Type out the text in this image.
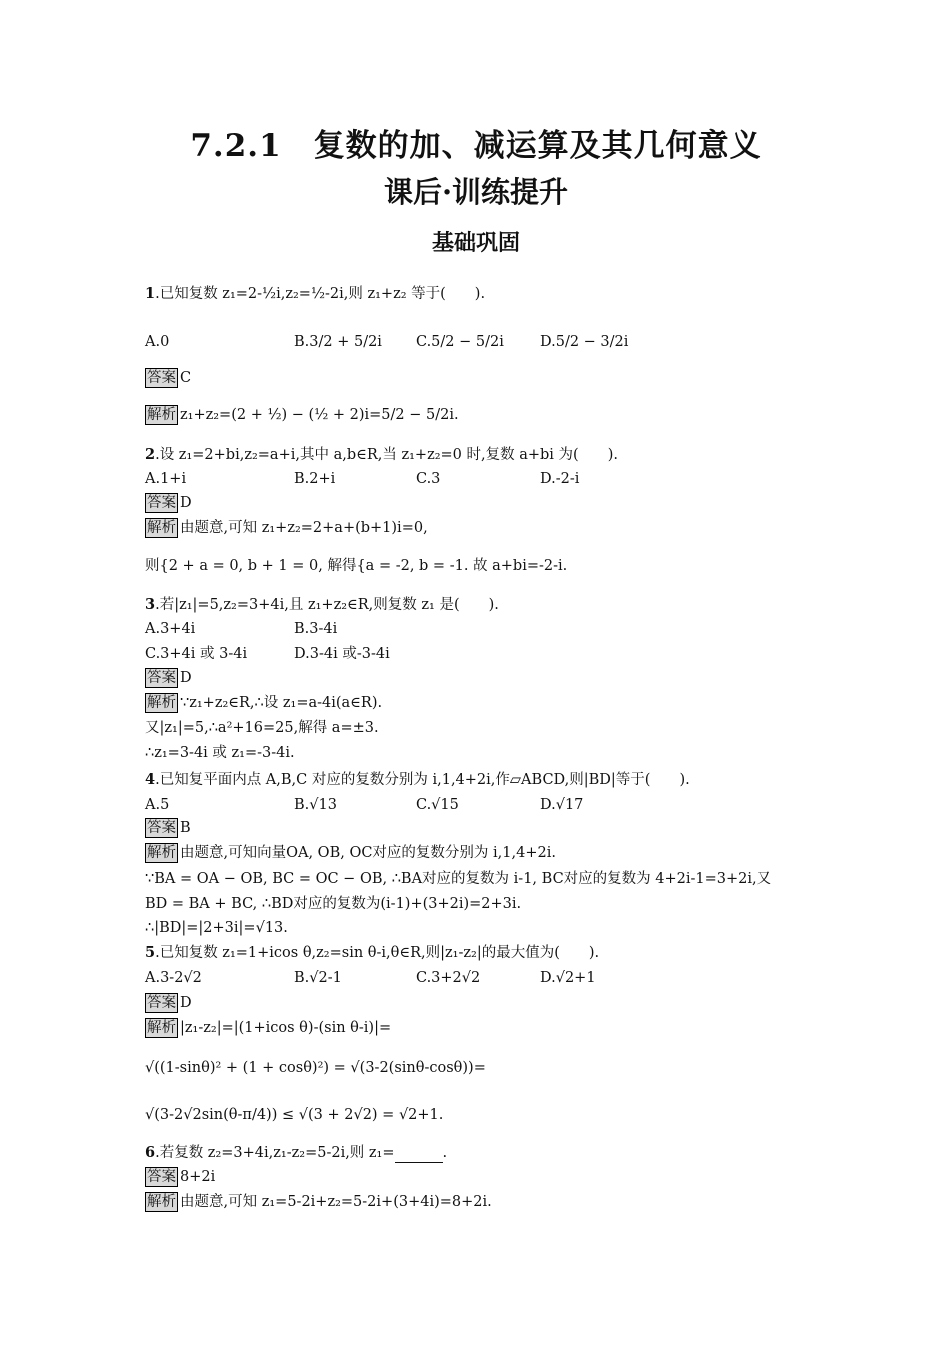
7.2.1　复数的加、减运算及其几何意义
课后·训练提升
基础巩固
1.已知复数 z₁=2-½i,z₂=½-2i,则 z₁+z₂ 等于(　　).
A.0	B.3/2 + 5/2i C.5/2 − 5/2i D.5/2 − 3/2i
答案 C
解析 z₁+z₂=(2 + ½) − (½ + 2)i=5/2 − 5/2i.
2.设 z₁=2+bi,z₂=a+i,其中 a,b∈R,当 z₁+z₂=0 时,复数 a+bi 为(　　).
A.1+i	B.2+i	C.3	D.-2-i
答案 D
解析 由题意,可知 z₁+z₂=2+a+(b+1)i=0,
则{2 + a = 0, b + 1 = 0, 解得{a = -2, b = -1. 故 a+bi=-2-i.
3.若|z₁|=5,z₂=3+4i,且 z₁+z₂∈R,则复数 z₁ 是(　　).
A.3+4i	B.3-4i
C.3+4i 或 3-4i	D.3-4i 或-3-4i
答案 D
解析 ∵z₁+z₂∈R,∴设 z₁=a-4i(a∈R).
又|z₁|=5,∴a²+16=25,解得 a=±3.
∴z₁=3-4i 或 z₁=-3-4i.
4.已知复平面内点 A,B,C 对应的复数分别为 i,1,4+2i,作▱ABCD,则|BD|等于(　　).
A.5	B.√13	C.√15	D.√17
答案 B
解析 由题意,可知向量OA, OB, OC对应的复数分别为 i,1,4+2i.
∵BA = OA − OB, BC = OC − OB, ∴BA对应的复数为 i-1, BC对应的复数为 4+2i-1=3+2i,又
BD = BA + BC, ∴BD对应的复数为(i-1)+(3+2i)=2+3i.
∴|BD|=|2+3i|=√13.
5.已知复数 z₁=1+icos θ,z₂=sin θ-i,θ∈R,则|z₁-z₂|的最大值为(　　).
A.3-2√2	B.√2-1	C.3+2√2	D.√2+1
答案 D
解析 |z₁-z₂|=|(1+icos θ)-(sin θ-i)|=
√((1-sinθ)² + (1 + cosθ)²) = √(3-2(sinθ-cosθ))=
√(3-2√2sin(θ-π/4)) ≤ √(3 + 2√2) = √2+1.
6.若复数 z₂=3+4i,z₁-z₂=5-2i,则 z₁=	.
答案 8+2i
解析 由题意,可知 z₁=5-2i+z₂=5-2i+(3+4i)=8+2i.
